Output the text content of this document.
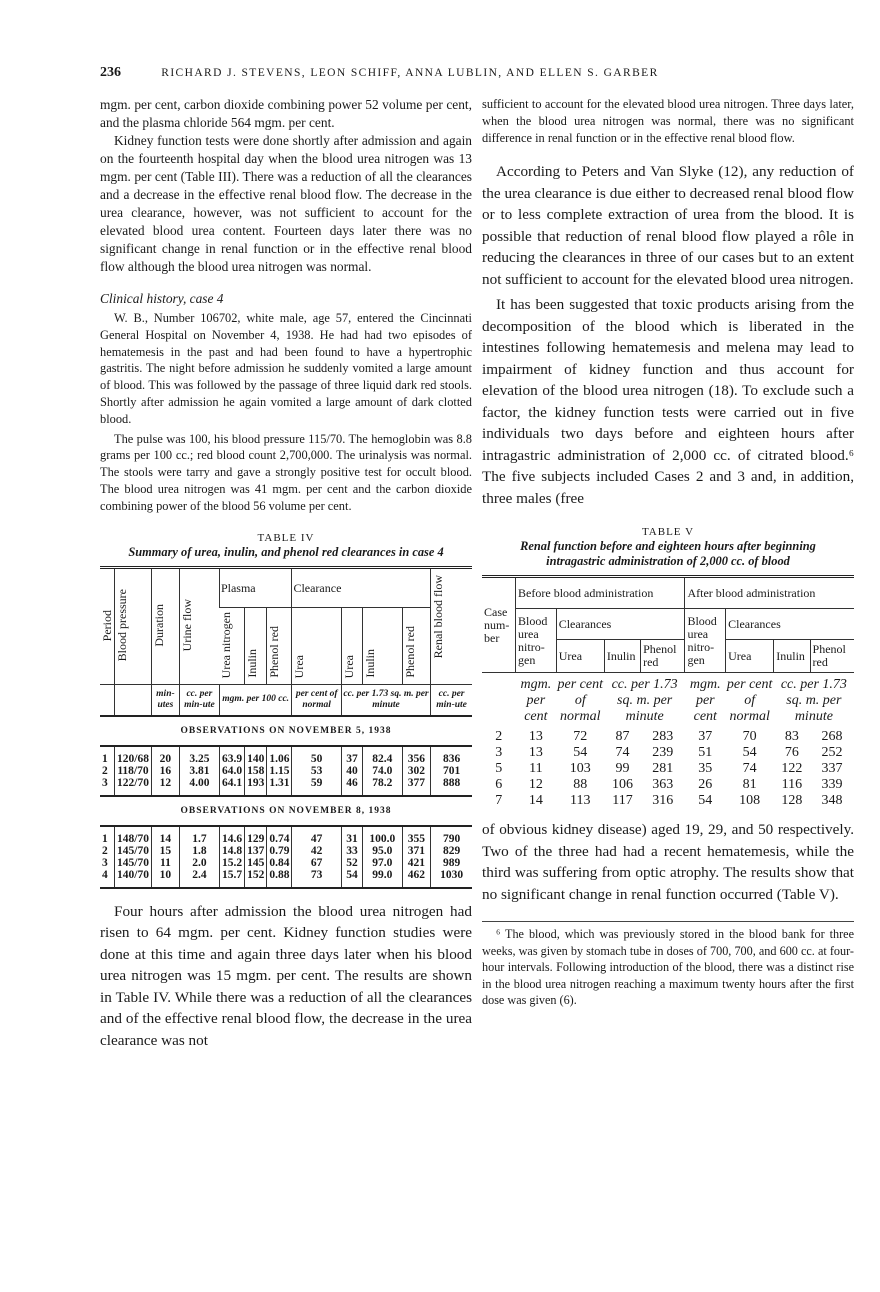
236	RICHARD J. STEVENS, LEON SCHIFF, ANNA LUBLIN, AND ELLEN S. GARBER

mgm. per cent, carbon dioxide combining power 52 volume per cent, and the plasma chloride 564 mgm. per cent.

Kidney function tests were done shortly after admission and again on the fourteenth hospital day when the blood urea nitrogen was 13 mgm. per cent (Table III). There was a reduction of all the clearances and a decrease in the effective renal blood flow. The decrease in the urea clearance, however, was not sufficient to account for the elevated blood urea content. Fourteen days later there was no significant change in renal function or in the effective renal blood flow although the blood urea nitrogen was normal.

Clinical history, case 4

W. B., Number 106702, white male, age 57, entered the Cincinnati General Hospital on November 4, 1938. He had had two episodes of hematemesis in the past and had been found to have a hypertrophic gastritis. The night before admission he suddenly vomited a large amount of blood. This was followed by the passage of three liquid dark red stools. Shortly after admission he again vomited a large amount of dark clotted blood.

The pulse was 100, his blood pressure 115/70. The hemoglobin was 8.8 grams per 100 cc.; red blood count 2,700,000. The urinalysis was normal. The stools were tarry and gave a strongly positive test for occult blood. The blood urea nitrogen was 41 mgm. per cent and the carbon dioxide combining power of the blood 56 volume per cent.

TABLE IV
Summary of urea, inulin, and phenol red clearances in case 4
Period	Blood pressure	Duration	Urine flow	Plasma			Clearance				Renal blood flow
				Urea nitrogen	Inulin	Phenol red	Urea	Urea	Inulin	Phenol red	
		min-utes	cc. per min-ute	mgm. per 100 cc.			per cent of normal	cc. per 1.73 sq. m. per minute			cc. per min-ute
OBSERVATIONS ON NOVEMBER 5, 1938											
1	120/68	20	3.25	63.9	140	1.06	50	37	82.4	356	836
2	118/70	16	3.81	64.0	158	1.15	53	40	74.0	302	701
3	122/70	12	4.00	64.1	193	1.31	59	46	78.2	377	888
OBSERVATIONS ON NOVEMBER 8, 1938											
1	148/70	14	1.7	14.6	129	0.74	47	31	100.0	355	790
2	145/70	15	1.8	14.8	137	0.79	42	33	95.0	371	829
3	145/70	11	2.0	15.2	145	0.84	67	52	97.0	421	989
4	140/70	10	2.4	15.7	152	0.88	73	54	99.0	462	1030

Four hours after admission the blood urea nitrogen had risen to 64 mgm. per cent. Kidney function studies were done at this time and again three days later when his blood urea nitrogen was 15 mgm. per cent. The results are shown in Table IV. While there was a reduction of all the clearances and of the effective renal blood flow, the decrease in the urea clearance was not

sufficient to account for the elevated blood urea nitrogen. Three days later, when the blood urea nitrogen was normal, there was no significant difference in renal function or in the effective renal blood flow.

According to Peters and Van Slyke (12), any reduction of the urea clearance is due either to decreased renal blood flow or to less complete extraction of urea from the blood. It is possible that reduction of renal blood flow played a rôle in reducing the clearances in three of our cases but to an extent not sufficient to account for the elevated blood urea nitrogen.

It has been suggested that toxic products arising from the decomposition of the blood which is liberated in the intestines following hematemesis and melena may lead to impairment of kidney function and thus account for elevation of the blood urea nitrogen (18). To exclude such a factor, the kidney function tests were carried out in five individuals two days before and eighteen hours after intragastric administration of 2,000 cc. of citrated blood.⁶ The five subjects included Cases 2 and 3 and, in addition, three males (free

TABLE V
Renal function before and eighteen hours after beginning intragastric administration of 2,000 cc. of blood
Case num-ber	Before blood administration				After blood administration			
	Blood urea nitro-gen	Clearances			Blood urea nitro-gen	Clearances		
		Urea	Inulin	Phenol red		Urea	Inulin	Phenol red
	mgm. per cent	per cent of normal	cc. per 1.73 sq. m. per minute		mgm. per cent	per cent of normal	cc. per 1.73 sq. m. per minute	
2	13	72	87	283	37	70	83	268
3	13	54	74	239	51	54	76	252
5	11	103	99	281	35	74	122	337
6	12	88	106	363	26	81	116	339
7	14	113	117	316	54	108	128	348

of obvious kidney disease) aged 19, 29, and 50 respectively. Two of the three had had a recent hematemesis, while the third was suffering from optic atrophy. The results show that no significant change in renal function occurred (Table V).

⁶ The blood, which was previously stored in the blood bank for three weeks, was given by stomach tube in doses of 700, 700, and 600 cc. at four-hour intervals. Following introduction of the blood, there was a distinct rise in the blood urea nitrogen reaching a maximum twenty hours after the first dose was given (6).
